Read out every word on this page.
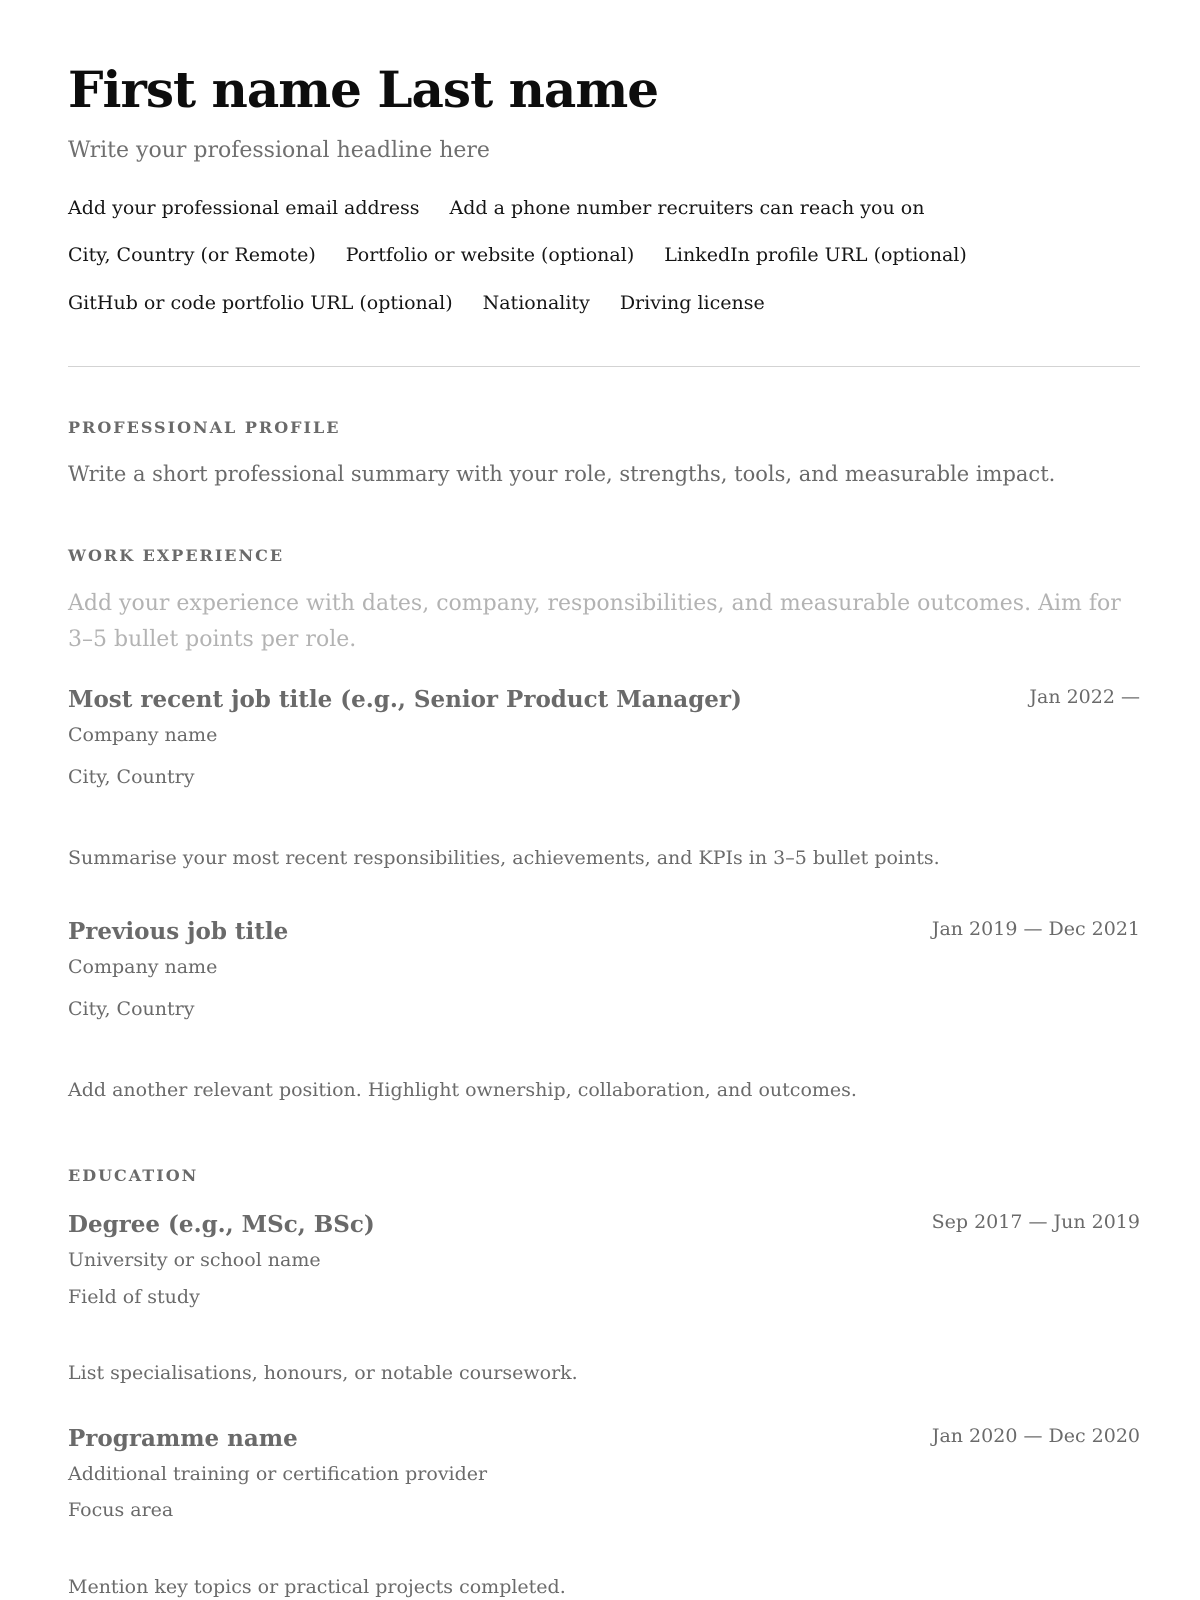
First name Last name
Write your professional headline here
Add your professional email address Add a phone number recruiters can reach you on
City, Country (or Remote) Portfolio or website (optional) LinkedIn profile URL (optional)
GitHub or code portfolio URL (optional) Nationality Driving license
PROFESSIONAL PROFILE
Write a short professional summary with your role, strengths, tools, and measurable impact.
WORK EXPERIENCE
Add your experience with dates, company, responsibilities, and measurable outcomes. Aim for 3–5 bullet points per role.
Most recent job title (e.g., Senior Product Manager)	Jan 2022 —
Company name
City, Country
Summarise your most recent responsibilities, achievements, and KPIs in 3–5 bullet points.
Previous job title	Jan 2019 — Dec 2021
Company name
City, Country
Add another relevant position. Highlight ownership, collaboration, and outcomes.
EDUCATION
Degree (e.g., MSc, BSc)	Sep 2017 — Jun 2019
University or school name
Field of study
List specialisations, honours, or notable coursework.
Programme name	Jan 2020 — Dec 2020
Additional training or certification provider
Focus area
Mention key topics or practical projects completed.
